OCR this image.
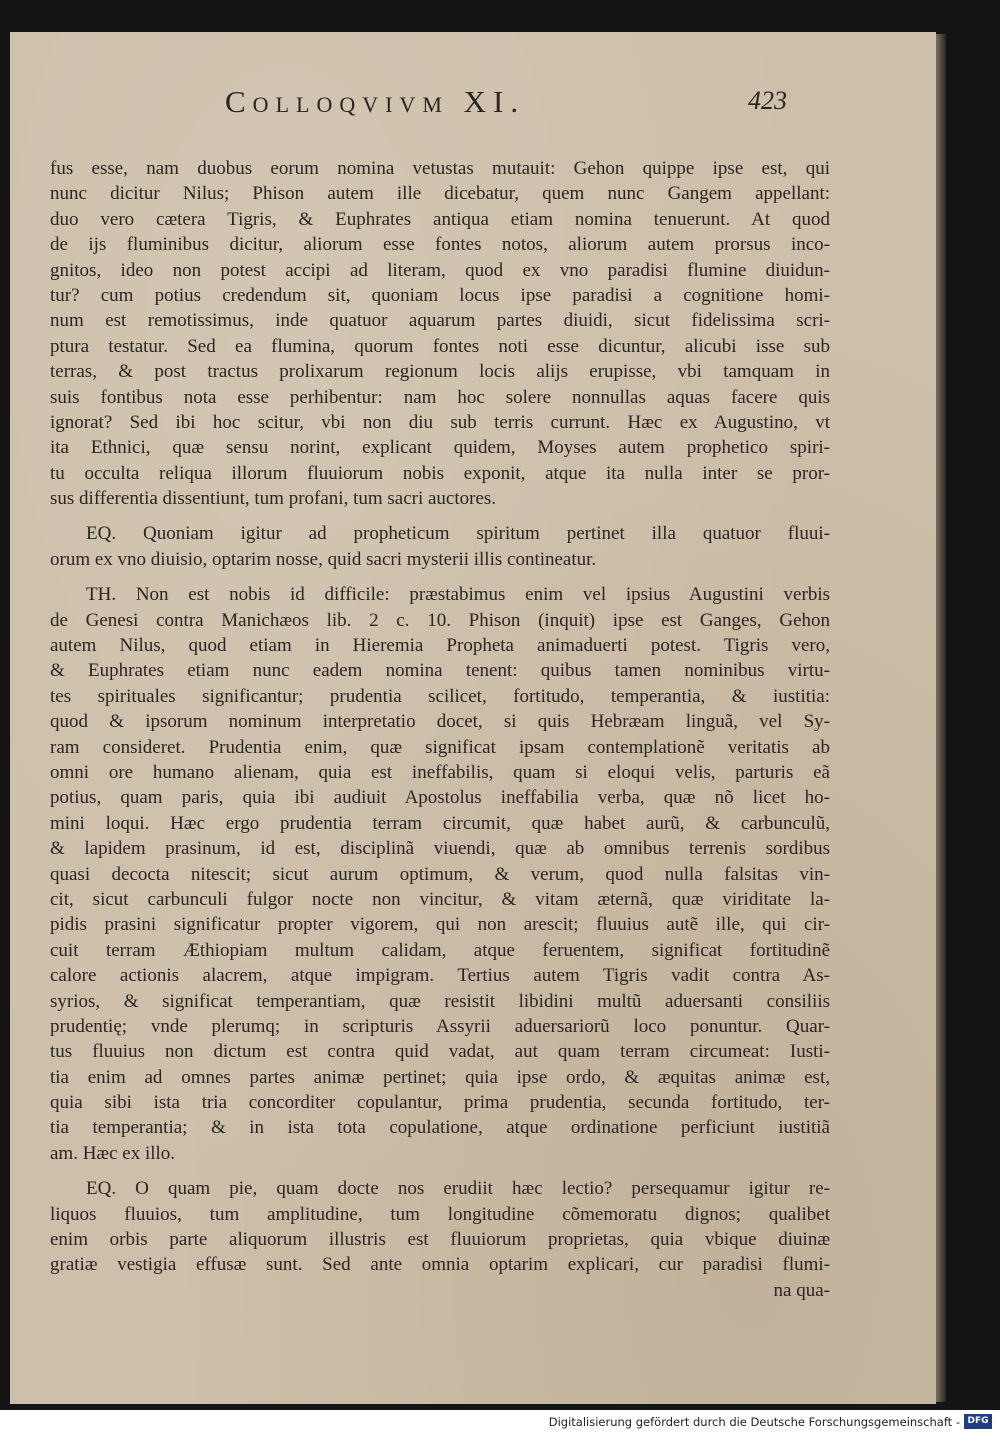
Colloqvivm XI.	423
fus esse, nam duobus eorum nomina vetustas mutauit: Gehon quippe ipse est, qui
nunc dicitur Nilus; Phison autem ille dicebatur, quem nunc Gangem appellant:
duo vero cætera Tigris, & Euphrates antiqua etiam nomina tenuerunt. At quod
de ijs fluminibus dicitur, aliorum esse fontes notos, aliorum autem prorsus inco-
gnitos, ideo non potest accipi ad literam, quod ex vno paradisi flumine diuidun-
tur? cum potius credendum sit, quoniam locus ipse paradisi a cognitione homi-
num est remotissimus, inde quatuor aquarum partes diuidi, sicut fidelissima scri-
ptura testatur. Sed ea flumina, quorum fontes noti esse dicuntur, alicubi isse sub
terras, & post tractus prolixarum regionum locis alijs erupisse, vbi tamquam in
suis fontibus nota esse perhibentur: nam hoc solere nonnullas aquas facere quis
ignorat? Sed ibi hoc scitur, vbi non diu sub terris currunt. Hæc ex Augustino, vt
ita Ethnici, quæ sensu norint, explicant quidem, Moyses autem prophetico spiri-
tu occulta reliqua illorum fluuiorum nobis exponit, atque ita nulla inter se pror-
sus differentia dissentiunt, tum profani, tum sacri auctores.
EQ. Quoniam igitur ad propheticum spiritum pertinet illa quatuor fluui-
orum ex vno diuisio, optarim nosse, quid sacri mysterii illis contineatur.
TH. Non est nobis id difficile: præstabimus enim vel ipsius Augustini verbis
de Genesi contra Manichæos lib. 2 c. 10. Phison (inquit) ipse est Ganges, Gehon
autem Nilus, quod etiam in Hieremia Propheta animaduerti potest. Tigris vero,
& Euphrates etiam nunc eadem nomina tenent: quibus tamen nominibus virtu-
tes spirituales significantur; prudentia scilicet, fortitudo, temperantia, & iustitia:
quod & ipsorum nominum interpretatio docet, si quis Hebræam linguã, vel Sy-
ram consideret. Prudentia enim, quæ significat ipsam contemplationẽ veritatis ab
omni ore humano alienam, quia est ineffabilis, quam si eloqui velis, parturis eã
potius, quam paris, quia ibi audiuit Apostolus ineffabilia verba, quæ nõ licet ho-
mini loqui. Hæc ergo prudentia terram circumit, quæ habet aurũ, & carbunculũ,
& lapidem prasinum, id est, disciplinã viuendi, quæ ab omnibus terrenis sordibus
quasi decocta nitescit; sicut aurum optimum, & verum, quod nulla falsitas vin-
cit, sicut carbunculi fulgor nocte non vincitur, & vitam æternã, quæ viriditate la-
pidis prasini significatur propter vigorem, qui non arescit; fluuius autẽ ille, qui cir-
cuit terram Æthiopiam multum calidam, atque feruentem, significat fortitudinẽ
calore actionis alacrem, atque impigram. Tertius autem Tigris vadit contra As-
syrios, & significat temperantiam, quæ resistit libidini multũ aduersanti consiliis
prudentię; vnde plerumq; in scripturis Assyrii aduersariorũ loco ponuntur. Quar-
tus fluuius non dictum est contra quid vadat, aut quam terram circumeat: Iusti-
tia enim ad omnes partes animæ pertinet; quia ipse ordo, & æquitas animæ est,
quia sibi ista tria concorditer copulantur, prima prudentia, secunda fortitudo, ter-
tia temperantia; & in ista tota copulatione, atque ordinatione perficiunt iustitiã
am. Hæc ex illo.
EQ. O quam pie, quam docte nos erudiit hæc lectio? persequamur igitur re-
liquos fluuios, tum amplitudine, tum longitudine cõmemoratu dignos; qualibet
enim orbis parte aliquorum illustris est fluuiorum proprietas, quia vbique diuinæ
gratiæ vestigia effusæ sunt. Sed ante omnia optarim explicari, cur paradisi flumi-
na qua-
Digitalisierung gefördert durch die Deutsche Forschungsgemeinschaft - DFG
